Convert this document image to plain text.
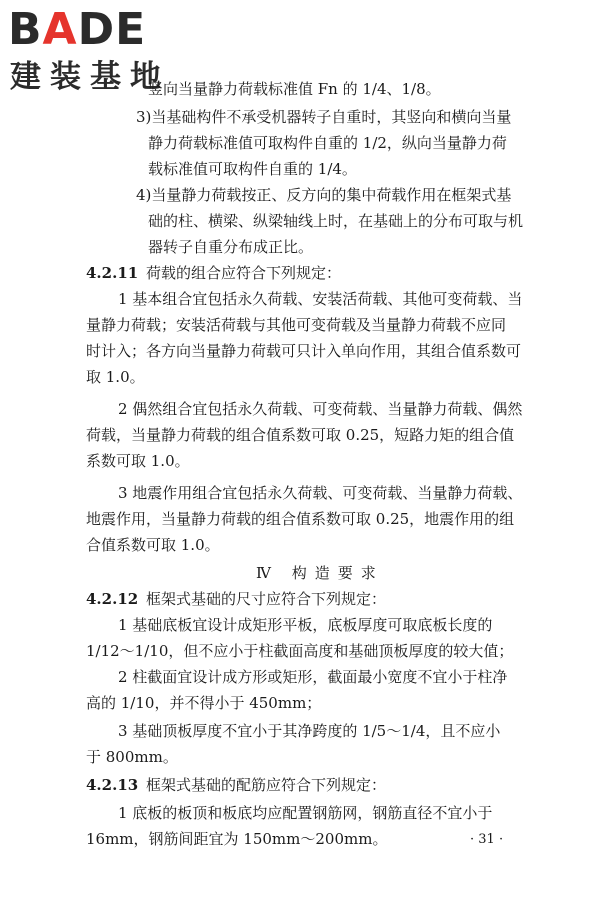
BADE
建装基地
竖向当量静力荷载标准值 Fn 的 1/4、1/8。
3)当基础构件不承受机器转子自重时，其竖向和横向当量
静力荷载标准值可取构件自重的 1/2，纵向当量静力荷
载标准值可取构件自重的 1/4。
4)当量静力荷载按正、反方向的集中荷载作用在框架式基
础的柱、横梁、纵梁轴线上时，在基础上的分布可取与机
器转子自重分布成正比。
4.2.11 荷载的组合应符合下列规定：
1 基本组合宜包括永久荷载、安装活荷载、其他可变荷载、当
量静力荷载；安装活荷载与其他可变荷载及当量静力荷载不应同
时计入；各方向当量静力荷载可只计入单向作用，其组合值系数可
取 1.0。
2 偶然组合宜包括永久荷载、可变荷载、当量静力荷载、偶然
荷载，当量静力荷载的组合值系数可取 0.25，短路力矩的组合值
系数可取 1.0。
3 地震作用组合宜包括永久荷载、可变荷载、当量静力荷载、
地震作用，当量静力荷载的组合值系数可取 0.25，地震作用的组
合值系数可取 1.0。
Ⅳ 构造要求
4.2.12 框架式基础的尺寸应符合下列规定：
1 基础底板宜设计成矩形平板，底板厚度可取底板长度的
1/12～1/10，但不应小于柱截面高度和基础顶板厚度的较大值；
2 柱截面宜设计成方形或矩形，截面最小宽度不宜小于柱净
高的 1/10，并不得小于 450mm；
3 基础顶板厚度不宜小于其净跨度的 1/5～1/4，且不应小
于 800mm。
4.2.13 框架式基础的配筋应符合下列规定：
1 底板的板顶和板底均应配置钢筋网，钢筋直径不宜小于
16mm，钢筋间距宜为 150mm～200mm。	· 31 ·
